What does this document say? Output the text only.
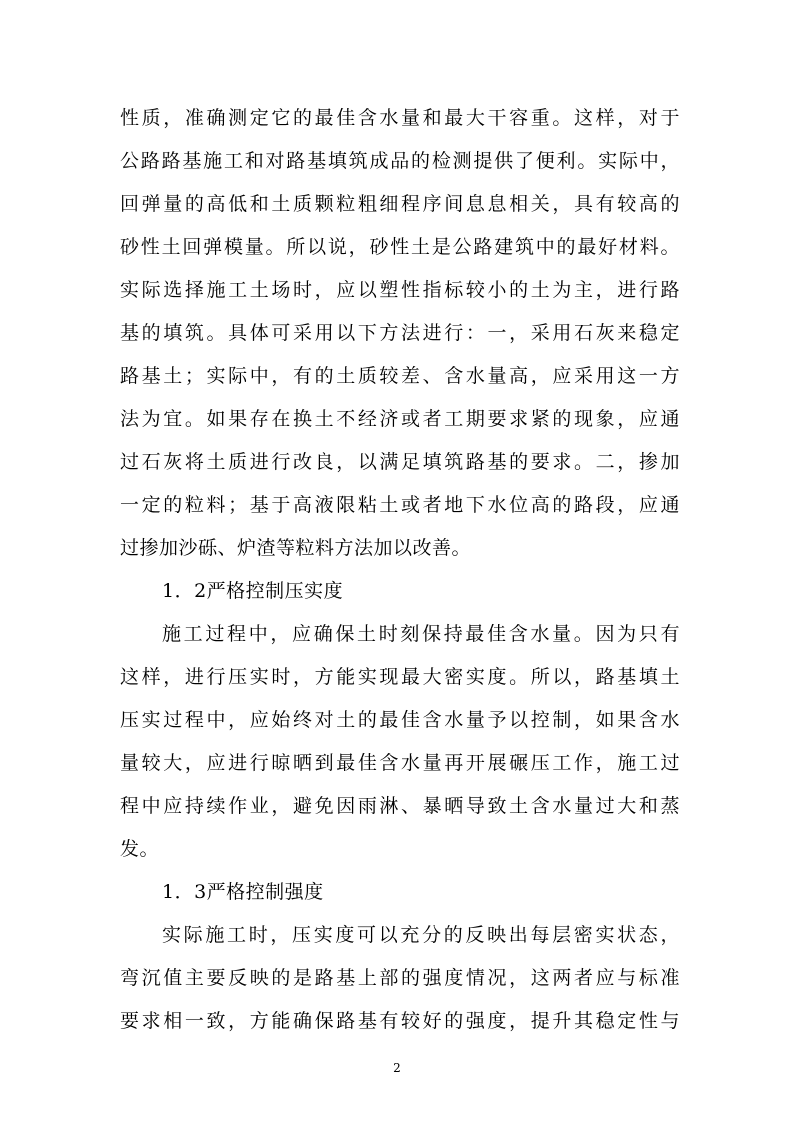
性质，准确测定它的最佳含水量和最大干容重。这样，对于
公路路基施工和对路基填筑成品的检测提供了便利。实际中，
回弹量的高低和土质颗粒粗细程序间息息相关，具有较高的
砂性土回弹模量。所以说，砂性土是公路建筑中的最好材料。
实际选择施工土场时，应以塑性指标较小的土为主，进行路
基的填筑。具体可采用以下方法进行：一，采用石灰来稳定
路基土；实际中，有的土质较差、含水量高，应采用这一方
法为宜。如果存在换土不经济或者工期要求紧的现象，应通
过石灰将土质进行改良，以满足填筑路基的要求。二，掺加
一定的粒料；基于高液限粘土或者地下水位高的路段，应通
过掺加沙砾、炉渣等粒料方法加以改善。
1．2严格控制压实度
施工过程中，应确保土时刻保持最佳含水量。因为只有
这样，进行压实时，方能实现最大密实度。所以，路基填土
压实过程中，应始终对土的最佳含水量予以控制，如果含水
量较大，应进行晾晒到最佳含水量再开展碾压工作，施工过
程中应持续作业，避免因雨淋、暴晒导致土含水量过大和蒸
发。
1．3严格控制强度
实际施工时，压实度可以充分的反映出每层密实状态，
弯沉值主要反映的是路基上部的强度情况，这两者应与标准
要求相一致，方能确保路基有较好的强度，提升其稳定性与
2
